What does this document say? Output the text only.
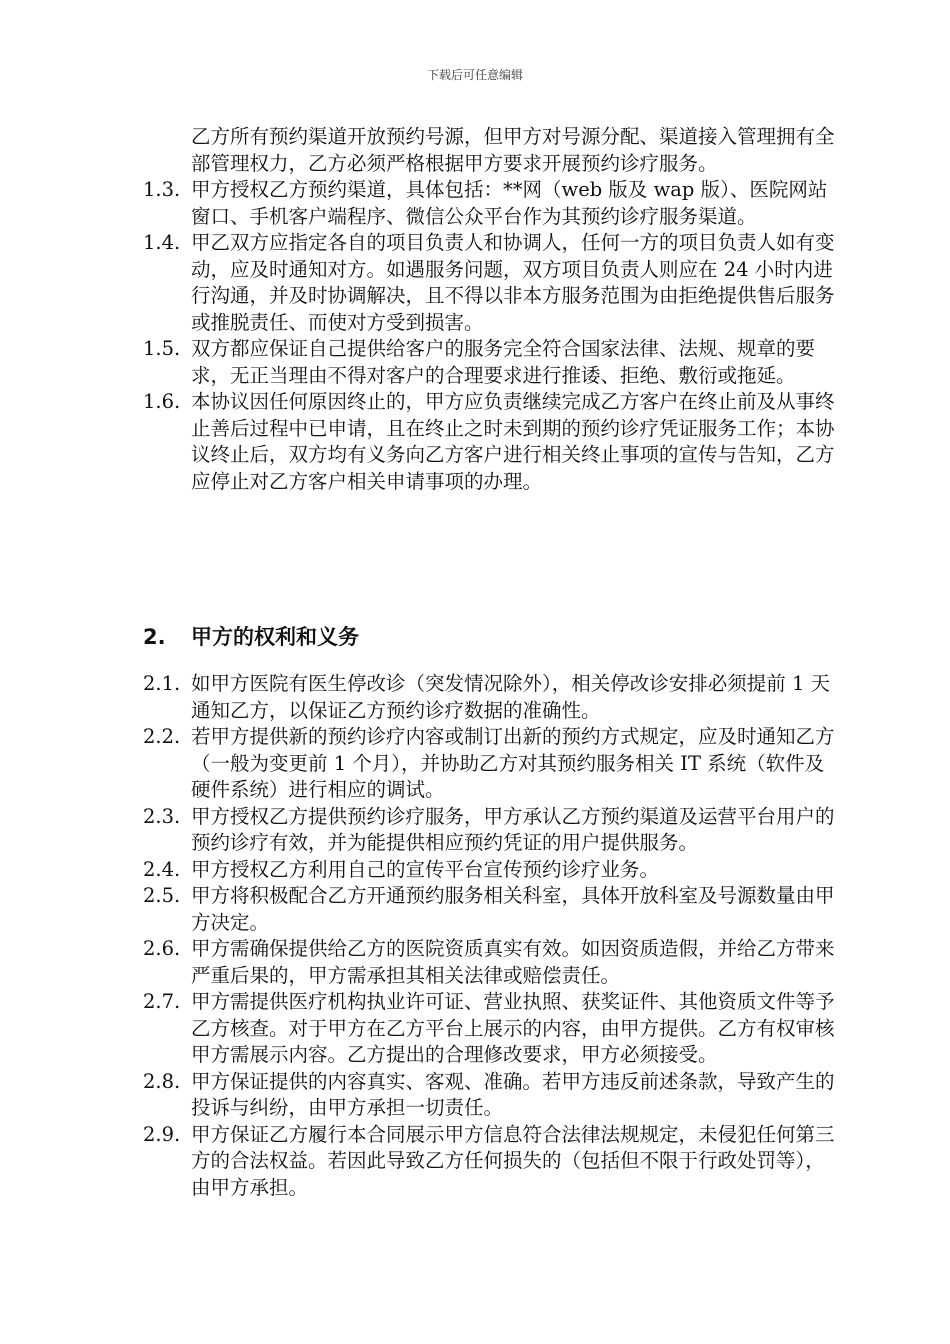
下载后可任意编辑
乙方所有预约渠道开放预约号源，但甲方对号源分配、渠道接入管理拥有全部管理权力，乙方必须严格根据甲方要求开展预约诊疗服务。
1.3. 甲方授权乙方预约渠道，具体包括：**网（web 版及 wap 版）、医院网站窗口、手机客户端程序、微信公众平台作为其预约诊疗服务渠道。
1.4. 甲乙双方应指定各自的项目负责人和协调人，任何一方的项目负责人如有变动，应及时通知对方。如遇服务问题，双方项目负责人则应在 24 小时内进行沟通，并及时协调解决，且不得以非本方服务范围为由拒绝提供售后服务或推脱责任、而使对方受到损害。
1.5. 双方都应保证自己提供给客户的服务完全符合国家法律、法规、规章的要求，无正当理由不得对客户的合理要求进行推诿、拒绝、敷衍或拖延。
1.6. 本协议因任何原因终止的，甲方应负责继续完成乙方客户在终止前及从事终止善后过程中已申请，且在终止之时未到期的预约诊疗凭证服务工作；本协议终止后，双方均有义务向乙方客户进行相关终止事项的宣传与告知，乙方应停止对乙方客户相关申请事项的办理。
2. 甲方的权利和义务
2.1. 如甲方医院有医生停改诊（突发情况除外），相关停改诊安排必须提前 1 天通知乙方，以保证乙方预约诊疗数据的准确性。
2.2. 若甲方提供新的预约诊疗内容或制订出新的预约方式规定，应及时通知乙方（一般为变更前 1 个月），并协助乙方对其预约服务相关 IT 系统（软件及硬件系统）进行相应的调试。
2.3. 甲方授权乙方提供预约诊疗服务，甲方承认乙方预约渠道及运营平台用户的预约诊疗有效，并为能提供相应预约凭证的用户提供服务。
2.4. 甲方授权乙方利用自己的宣传平台宣传预约诊疗业务。
2.5. 甲方将积极配合乙方开通预约服务相关科室，具体开放科室及号源数量由甲方决定。
2.6. 甲方需确保提供给乙方的医院资质真实有效。如因资质造假，并给乙方带来严重后果的，甲方需承担其相关法律或赔偿责任。
2.7. 甲方需提供医疗机构执业许可证、营业执照、获奖证件、其他资质文件等予乙方核查。对于甲方在乙方平台上展示的内容，由甲方提供。乙方有权审核甲方需展示内容。乙方提出的合理修改要求，甲方必须接受。
2.8. 甲方保证提供的内容真实、客观、准确。若甲方违反前述条款，导致产生的投诉与纠纷，由甲方承担一切责任。
2.9. 甲方保证乙方履行本合同展示甲方信息符合法律法规规定，未侵犯任何第三方的合法权益。若因此导致乙方任何损失的（包括但不限于行政处罚等），由甲方承担。
